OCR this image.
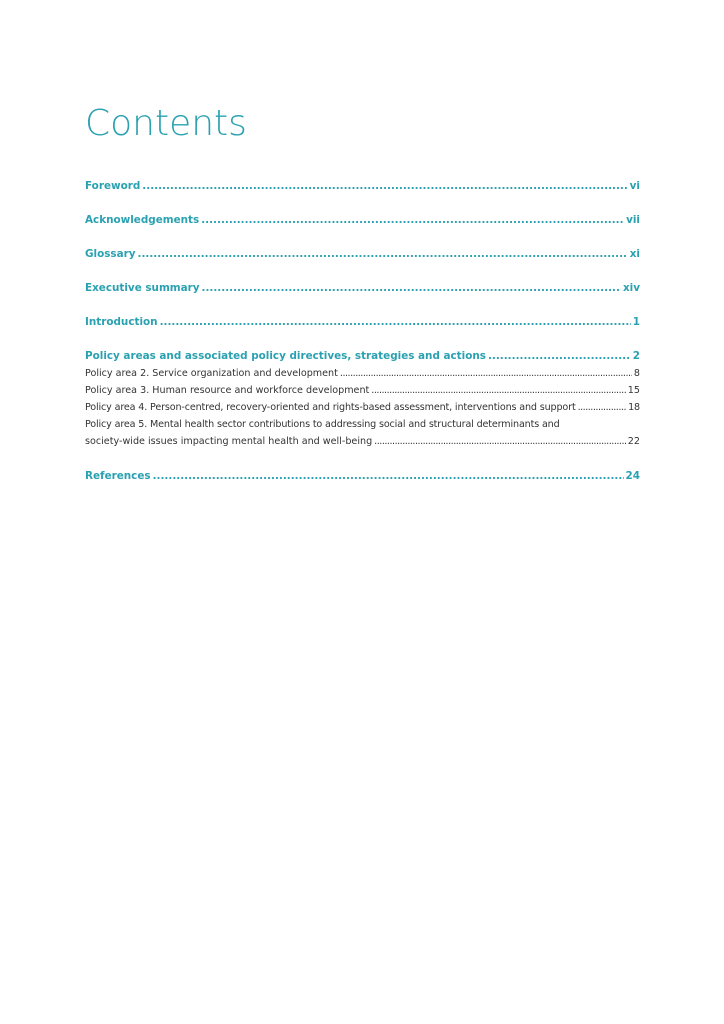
Contents
Foreword .....	vi
Acknowledgements .....	vii
Glossary .....	xi
Executive summary .....	xiv
Introduction .....	1
Policy areas and associated policy directives, strategies and actions .....	2
Policy area 2. Service organization and development .....	8
Policy area 3. Human resource and workforce development .....	15
Policy area 4. Person-centred, recovery-oriented and rights-based assessment, interventions and support .....	18
Policy area 5. Mental health sector contributions to addressing social and structural determinants and
society-wide issues impacting mental health and well-being .....	22
References .....	24
